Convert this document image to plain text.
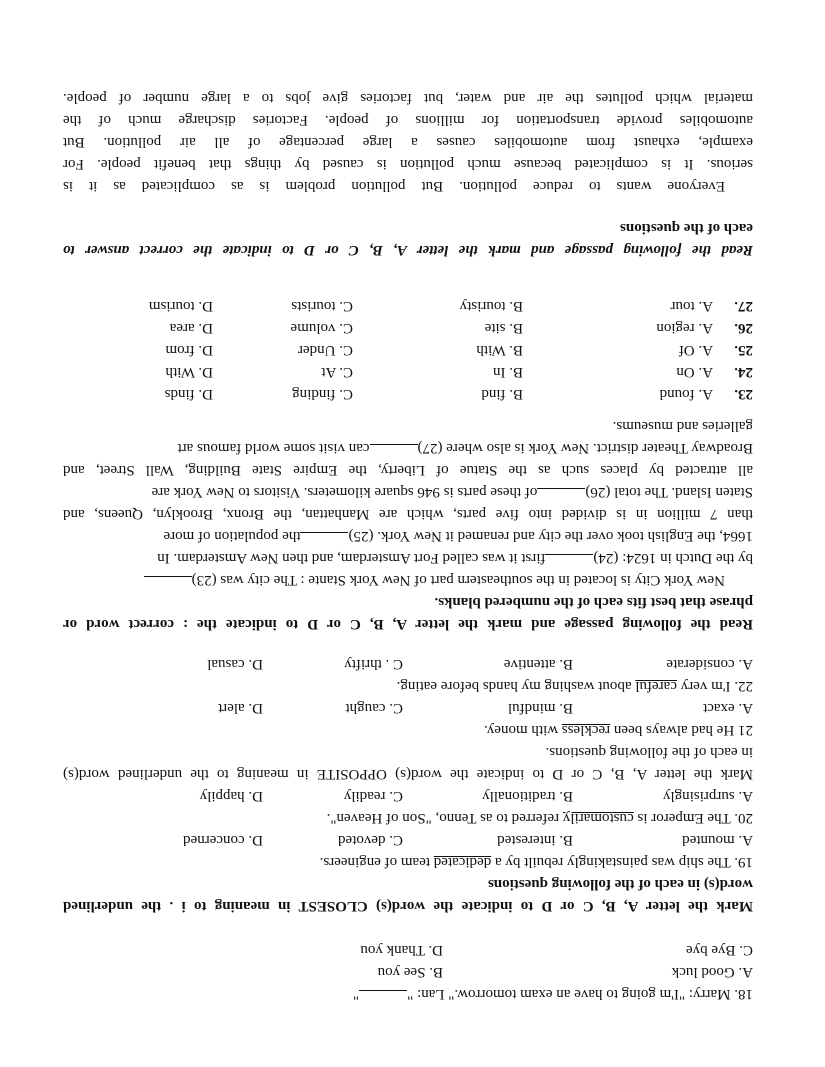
18. Marry: "I'm going to have an exam tomorrow." Lan: ""
A. Good luck
B. See you
C. Bye bye
D. Thank you
Mark the letter A, B, C or D to indicate the word(s) CLOSEST in meaning to i . the underlined
word(s) in each of the following questions
19. The ship was painstakingly rebuilt by a dedicated team of engineers.
A. mounted
B. interested
C. devoted
D. concerned
20. The Emperor is customarily referred to as Tenno, "Son of Heaven".
A. surprisingly
B. traditionally
C. readily
D. happily
Mark the letter A, B, C or D to indicate the word(s) OPPOSITE in meaning to the underlined word(s)
in each of the following questions.
21 He had always been reckless with money.
A. exact
B. mindful
C. caught
D. alert
22. I'm very careful about washing my hands before eating.
A. considerate
B. attentive
C . thrifty
D. casual
Read the following passage and mark the letter A, B, C or D to indicate the : correct word or
phrase that best fits each of the numbered blanks.
New York City is located in the southeastern part of New York Stante : The city was (23)
by the Dutch in 1624: (24)first it was called Fort Amsterdam, and then New Amsterdam. In
1664, the English took over the city and renamed it New York. (25)the population of more
than 7 million in is divided into five parts, which are Manhattan, the Bronx, Brooklyn, Queens, and
Staten Island. The total (26)of these parts is 946 square kilometers. Visitors to New York are
all attracted by places such as the Statue of Liberty, the Empire State Building, Wall Street, and
Broadway Theater district. New York is also where (27)can visit some world famous art
galleries and museums.
23.
A. found
B. find
C. finding
D. finds
24.
A. On
B. In
C. At
D. With
25.
A. Of
B. With
C. Under
D. from
26.
A. region
B. site
C. volume
D. area
27.
A. tour
B. touristy
C. tourists
D. tourism
Read the following passage and mark the letter A, B, C or D to indicate the correct answer to
each of the questions
Everyone wants to reduce pollution. But pollution problem is as complicated as it is
serious. It is complicated because much pollution is caused by things that benefit people. For
example, exhaust from automobiles causes a large percentage of all air pollution. But
automobiles provide transportation for millions of people. Factories discharge much of the
material which pollutes the air and water, but factories give jobs to a large number of people.
